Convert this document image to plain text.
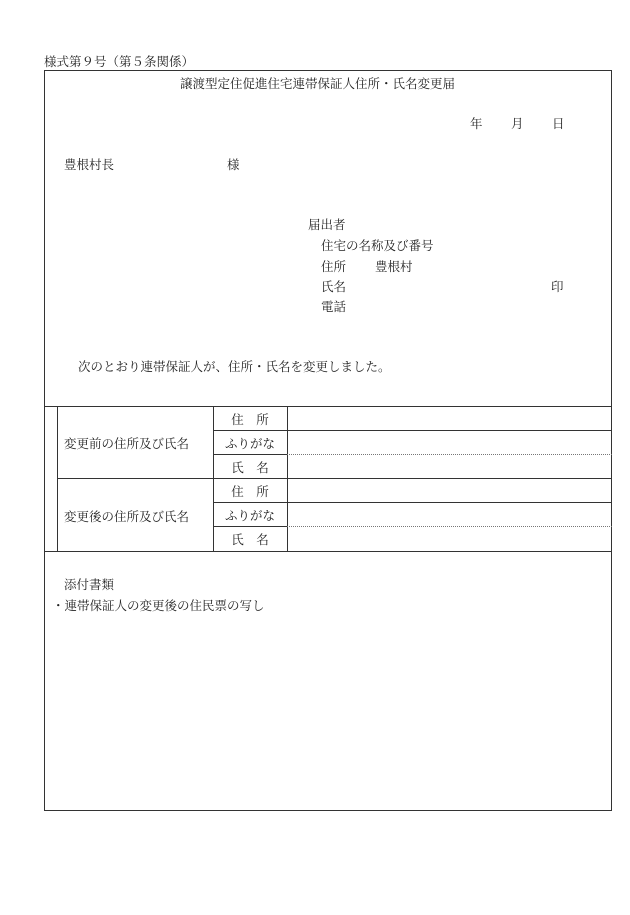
様式第９号（第５条関係）
譲渡型定住促進住宅連帯保証人住所・氏名変更届
年 月 日
豊根村長	様
届出者
住宅の名称及び番号
住所 豊根村
氏名	印
電話
次のとおり連帯保証人が、住所・氏名を変更しました。
変更前の住所及び氏名
変更後の住所及び氏名
住　所
ふりがな
氏　名
住　所
ふりがな
氏　名
添付書類
・連帯保証人の変更後の住民票の写し
